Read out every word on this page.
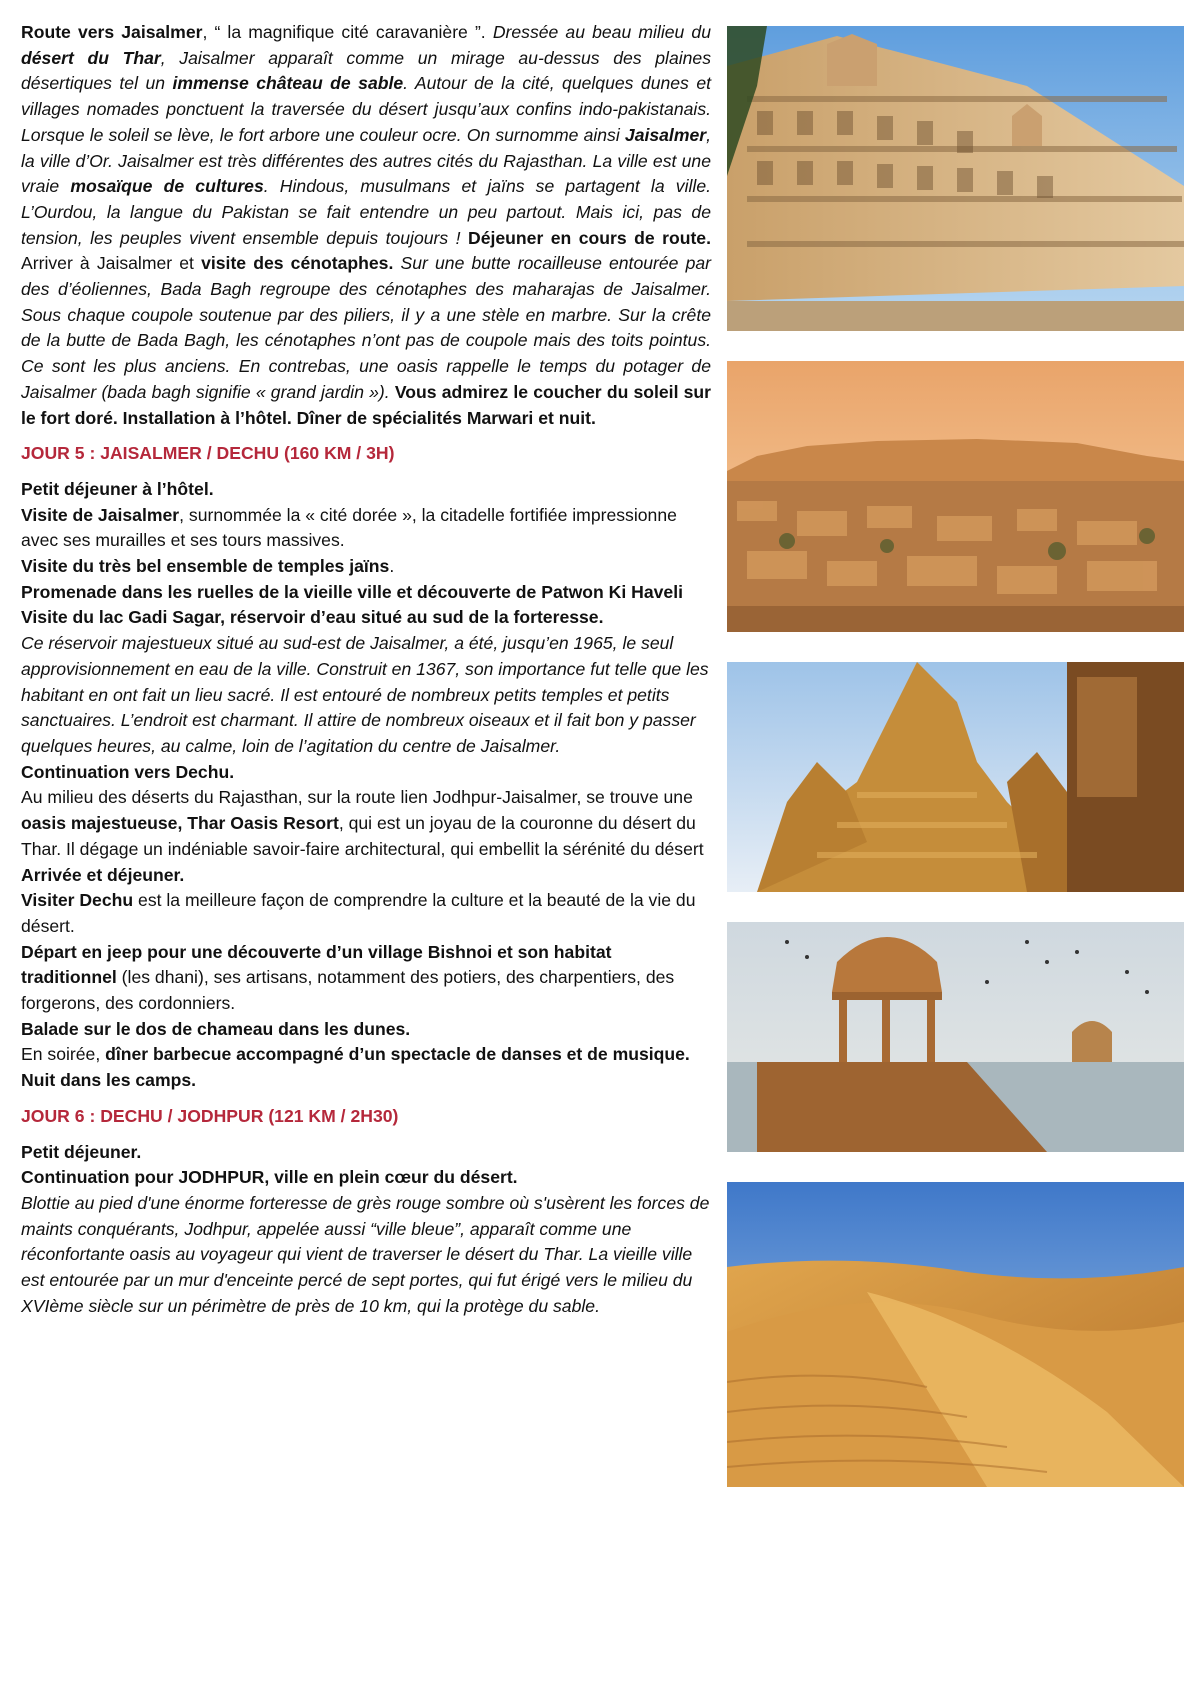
Route vers Jaisalmer, “ la magnifique cité caravanière ”. Dressée au beau milieu du désert du Thar, Jaisalmer apparaît comme un mirage au-dessus des plaines désertiques tel un immense château de sable. Autour de la cité, quelques dunes et villages nomades ponctuent la traversée du désert jusqu’aux confins indo-pakistanais. Lorsque le soleil se lève, le fort arbore une couleur ocre. On surnomme ainsi Jaisalmer, la ville d’Or. Jaisalmer est très différentes des autres cités du Rajasthan. La ville est une vraie mosaïque de cultures. Hindous, musulmans et jaïns se partagent la ville. L’Ourdou, la langue du Pakistan se fait entendre un peu partout. Mais ici, pas de tension, les peuples vivent ensemble depuis toujours ! Déjeuner en cours de route. Arriver à Jaisalmer et visite des cénotaphes. Sur une butte rocailleuse entourée par des d’éoliennes, Bada Bagh regroupe des cénotaphes des maharajas de Jaisalmer. Sous chaque coupole soutenue par des piliers, il y a une stèle en marbre. Sur la crête de la butte de Bada Bagh, les cénotaphes n’ont pas de coupole mais des toits pointus. Ce sont les plus anciens. En contrebas, une oasis rappelle le temps du potager de Jaisalmer (bada bagh signifie « grand jardin »). Vous admirez le coucher du soleil sur le fort doré. Installation à l’hôtel. Dîner de spécialités Marwari et nuit.

JOUR 5 : JAISALMER / DECHU (160 KM / 3H)

Petit déjeuner à l’hôtel.

Visite de Jaisalmer, surnommée la « cité dorée », la citadelle fortifiée impressionne avec ses murailles et ses tours massives.

Visite du très bel ensemble de temples jaïns.

Promenade dans les ruelles de la vieille ville et découverte de Patwon Ki Haveli

Visite du lac Gadi Sagar, réservoir d’eau situé au sud de la forteresse.

Ce réservoir majestueux situé au sud-est de Jaisalmer, a été, jusqu’en 1965, le seul approvisionnement en eau de la ville. Construit en 1367, son importance fut telle que les habitant en ont fait un lieu sacré. Il est entouré de nombreux petits temples et petits sanctuaires. L’endroit est charmant. Il attire de nombreux oiseaux et il fait bon y passer quelques heures, au calme, loin de l’agitation du centre de Jaisalmer.

Continuation vers Dechu.

Au milieu des déserts du Rajasthan, sur la route lien Jodhpur-Jaisalmer, se trouve une oasis majestueuse, Thar Oasis Resort, qui est un joyau de la couronne du désert du Thar. Il dégage un indéniable savoir-faire architectural, qui embellit la sérénité du désert

Arrivée et déjeuner.

Visiter Dechu est la meilleure façon de comprendre la culture et la beauté de la vie du désert.

Départ en jeep pour une découverte d’un village Bishnoi et son habitat traditionnel (les dhani), ses artisans, notamment des potiers, des charpentiers, des forgerons, des cordonniers.

Balade sur le dos de chameau dans les dunes.

En soirée, dîner barbecue accompagné d’un spectacle de danses et de musique. Nuit dans les camps.

JOUR 6 : DECHU / JODHPUR (121 KM / 2H30)

Petit déjeuner.

Continuation pour JODHPUR, ville en plein cœur du désert.

Blottie au pied d'une énorme forteresse de grès rouge sombre où s'usèrent les forces de maints conquérants, Jodhpur, appelée aussi “ville bleue”, apparaît comme une réconfortante oasis au voyageur qui vient de traverser le désert du Thar. La vieille ville est entourée par un mur d'enceinte percé de sept portes, qui fut érigé vers le milieu du XVIème siècle sur un périmètre de près de 10 km, qui la protège du sable.
